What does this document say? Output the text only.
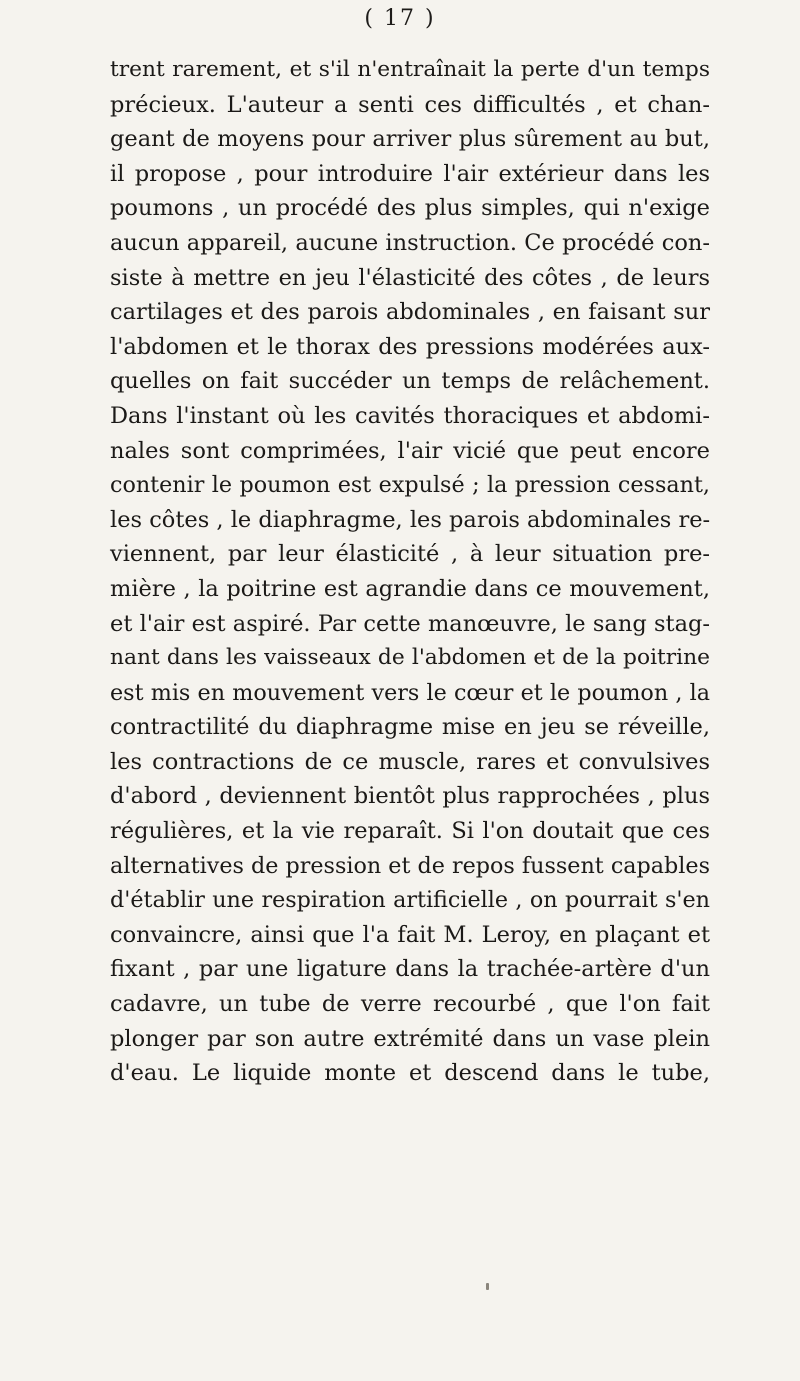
( 17 )
trent rarement, et s'il n'entraînait la perte d'un temps
précieux. L'auteur a senti ces difficultés , et chan-
geant de moyens pour arriver plus sûrement au but,
il propose , pour introduire l'air extérieur dans les
poumons , un procédé des plus simples, qui n'exige
aucun appareil, aucune instruction. Ce procédé con-
siste à mettre en jeu l'élasticité des côtes , de leurs
cartilages et des parois abdominales , en faisant sur
l'abdomen et le thorax des pressions modérées aux-
quelles on fait succéder un temps de relâchement.
Dans l'instant où les cavités thoraciques et abdomi-
nales sont comprimées, l'air vicié que peut encore
contenir le poumon est expulsé ; la pression cessant,
les côtes , le diaphragme, les parois abdominales re-
viennent, par leur élasticité , à leur situation pre-
mière , la poitrine est agrandie dans ce mouvement,
et l'air est aspiré. Par cette manœuvre, le sang stag-
nant dans les vaisseaux de l'abdomen et de la poitrine
est mis en mouvement vers le cœur et le poumon , la
contractilité du diaphragme mise en jeu se réveille,
les contractions de ce muscle, rares et convulsives
d'abord , deviennent bientôt plus rapprochées , plus
régulières, et la vie reparaît. Si l'on doutait que ces
alternatives de pression et de repos fussent capables
d'établir une respiration artificielle , on pourrait s'en
convaincre, ainsi que l'a fait M. Leroy, en plaçant et
fixant , par une ligature dans la trachée-artère d'un
cadavre, un tube de verre recourbé , que l'on fait
plonger par son autre extrémité dans un vase plein
d'eau. Le liquide monte et descend dans le tube,
